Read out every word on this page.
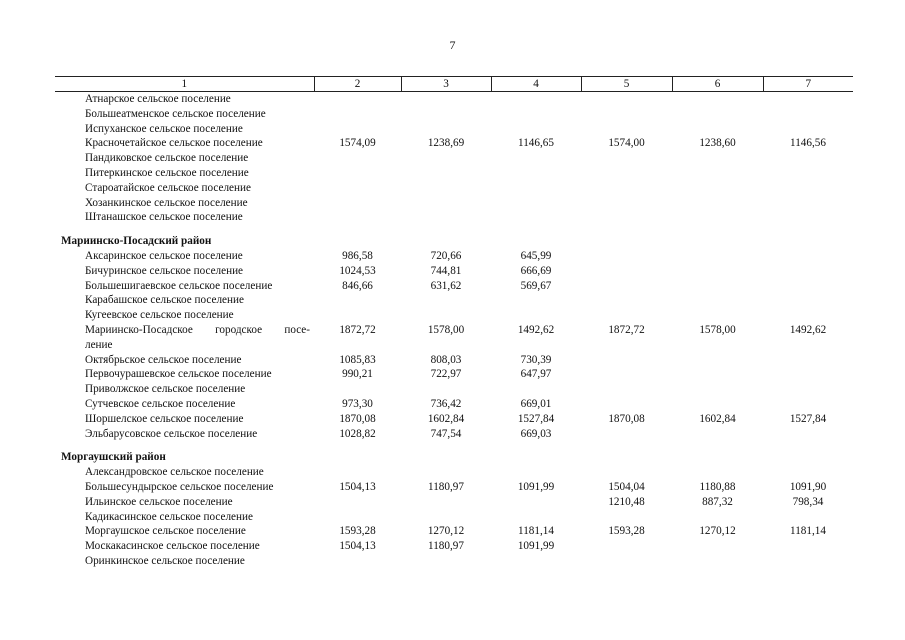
7
1	2	3	4	5	6	7
Атнарское сельское поселение						
Большеатменское сельское поселение						
Испуханское сельское поселение						
Красночетайское сельское поселение	1574,09	1238,69	1146,65	1574,00	1238,60	1146,56
Пандиковское сельское поселение						
Питеркинское сельское поселение						
Староатайское сельское поселение						
Хозанкинское сельское поселение						
Штанашское сельское поселение						
Мариинско-Посадский район						
Аксаринское сельское поселение	986,58	720,66	645,99			
Бичуринское сельское поселение	1024,53	744,81	666,69			
Большешигаевское сельское поселение	846,66	631,62	569,67			
Карабашское сельское поселение						
Кугеевское сельское поселение						

Мариинско-Посадское городское посе-
ление	1872,72	1578,00	1492,62	1872,72	1578,00	1492,62
Октябрьское сельское поселение	1085,83	808,03	730,39			
Первочурашевское сельское поселение	990,21	722,97	647,97			
Приволжское сельское поселение						
Сутчевское сельское поселение	973,30	736,42	669,01			
Шоршелское сельское поселение	1870,08	1602,84	1527,84	1870,08	1602,84	1527,84
Эльбарусовское сельское поселение	1028,82	747,54	669,03			
Моргаушский район						
Александровское сельское поселение						
Большесундырское сельское поселение	1504,13	1180,97	1091,99	1504,04	1180,88	1091,90
Ильинское сельское поселение				1210,48	887,32	798,34
Кадикасинское сельское поселение						
Моргаушское сельское поселение	1593,28	1270,12	1181,14	1593,28	1270,12	1181,14
Москакасинское сельское поселение	1504,13	1180,97	1091,99			
Оринкинское сельское поселение						
